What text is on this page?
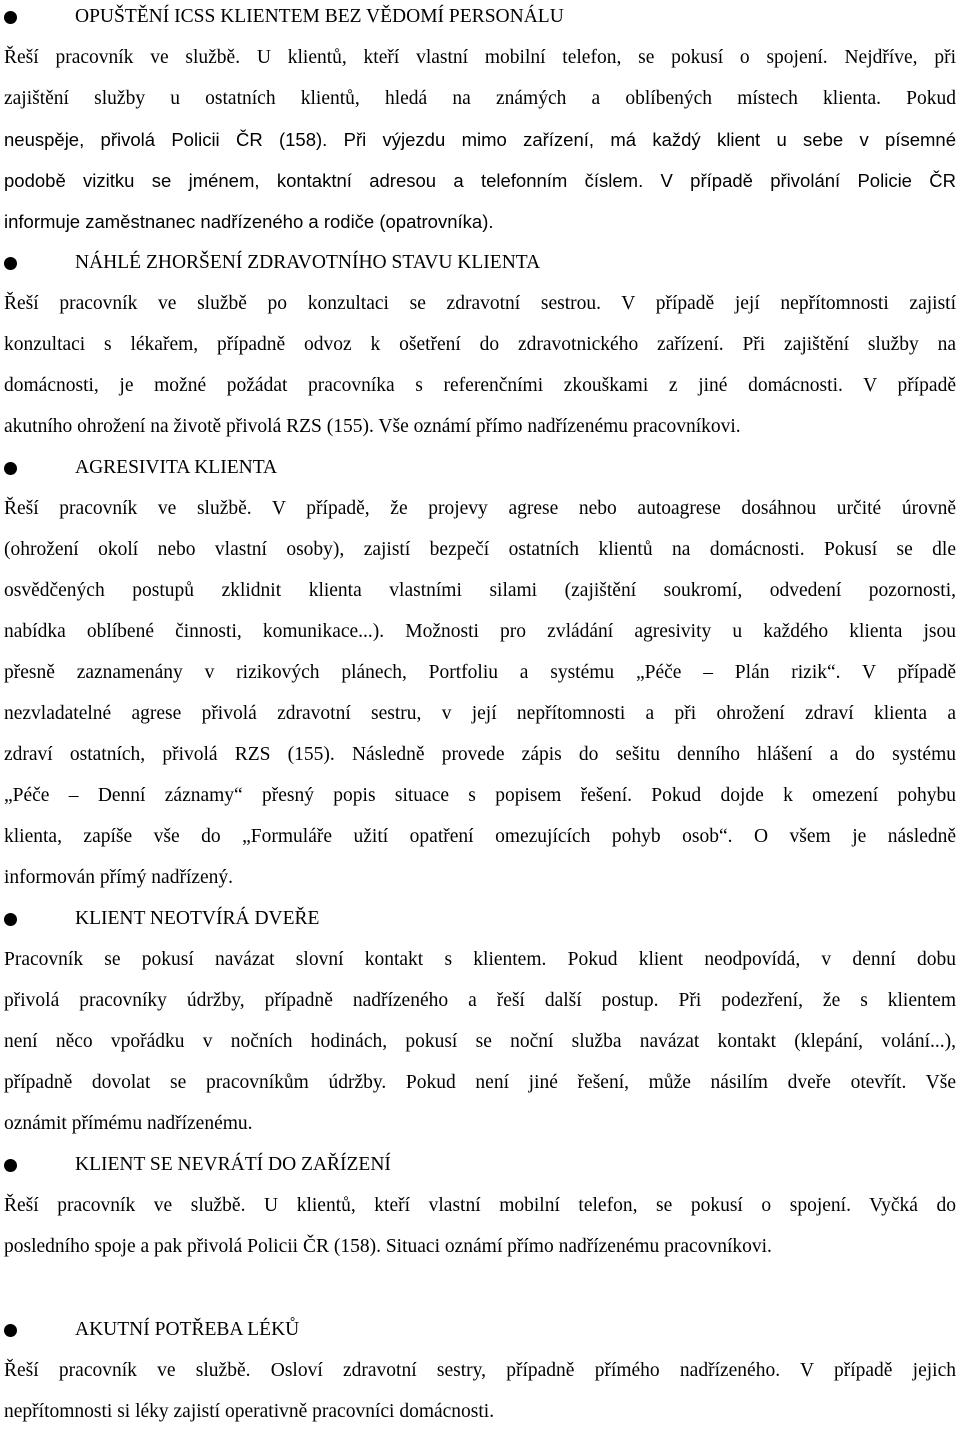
OPUŠTĚNÍ ICSS KLIENTEM BEZ VĚDOMÍ PERSONÁLU
Řeší pracovník ve službě. U klientů, kteří vlastní mobilní telefon, se pokusí o spojení. Nejdříve, při
zajištění služby u ostatních klientů, hledá na známých a oblíbených místech klienta. Pokud
neuspěje, přivolá Policii ČR (158). Při výjezdu mimo zařízení, má každý klient u sebe v písemné
podobě vizitku se jménem, kontaktní adresou a telefonním číslem. V případě přivolání Policie ČR
informuje zaměstnanec nadřízeného a rodiče (opatrovníka).
NÁHLÉ ZHORŠENÍ ZDRAVOTNÍHO STAVU KLIENTA
Řeší pracovník ve službě po konzultaci se zdravotní sestrou. V případě její nepřítomnosti zajistí
konzultaci s lékařem, případně odvoz k ošetření do zdravotnického zařízení. Při zajištění služby na
domácnosti, je možné požádat pracovníka s referenčními zkouškami z jiné domácnosti. V případě
akutního ohrožení na životě přivolá RZS (155). Vše oznámí přímo nadřízenému pracovníkovi.
AGRESIVITA KLIENTA
Řeší pracovník ve službě. V případě, že projevy agrese nebo autoagrese dosáhnou určité úrovně
(ohrožení okolí nebo vlastní osoby), zajistí bezpečí ostatních klientů na domácnosti. Pokusí se dle
osvědčených postupů zklidnit klienta vlastními silami (zajištění soukromí, odvedení pozornosti,
nabídka oblíbené činnosti, komunikace...). Možnosti pro zvládání agresivity u každého klienta jsou
přesně zaznamenány v rizikových plánech, Portfoliu a systému „Péče – Plán rizik“. V případě
nezvladatelné agrese přivolá zdravotní sestru, v její nepřítomnosti a při ohrožení zdraví klienta a
zdraví ostatních, přivolá RZS (155). Následně provede zápis do sešitu denního hlášení a do systému
„Péče – Denní záznamy“ přesný popis situace s popisem řešení. Pokud dojde k omezení pohybu
klienta, zapíše vše do „Formuláře užití opatření omezujících pohyb osob“. O všem je následně
informován přímý nadřízený.
KLIENT NEOTVÍRÁ DVEŘE
Pracovník se pokusí navázat slovní kontakt s klientem. Pokud klient neodpovídá, v denní dobu
přivolá pracovníky údržby, případně nadřízeného a řeší další postup. Při podezření, že s klientem
není něco vpořádku v nočních hodinách, pokusí se noční služba navázat kontakt (klepání, volání...),
případně dovolat se pracovníkům údržby. Pokud není jiné řešení, může násilím dveře otevřít. Vše
oznámit přímému nadřízenému.
KLIENT SE NEVRÁTÍ DO ZAŘÍZENÍ
Řeší pracovník ve službě. U klientů, kteří vlastní mobilní telefon, se pokusí o spojení. Vyčká do
posledního spoje a pak přivolá Policii ČR (158). Situaci oznámí přímo nadřízenému pracovníkovi.
AKUTNÍ POTŘEBA LÉKŮ
Řeší pracovník ve službě. Osloví zdravotní sestry, případně přímého nadřízeného. V případě jejich
nepřítomnosti si léky zajistí operativně pracovníci domácnosti.
